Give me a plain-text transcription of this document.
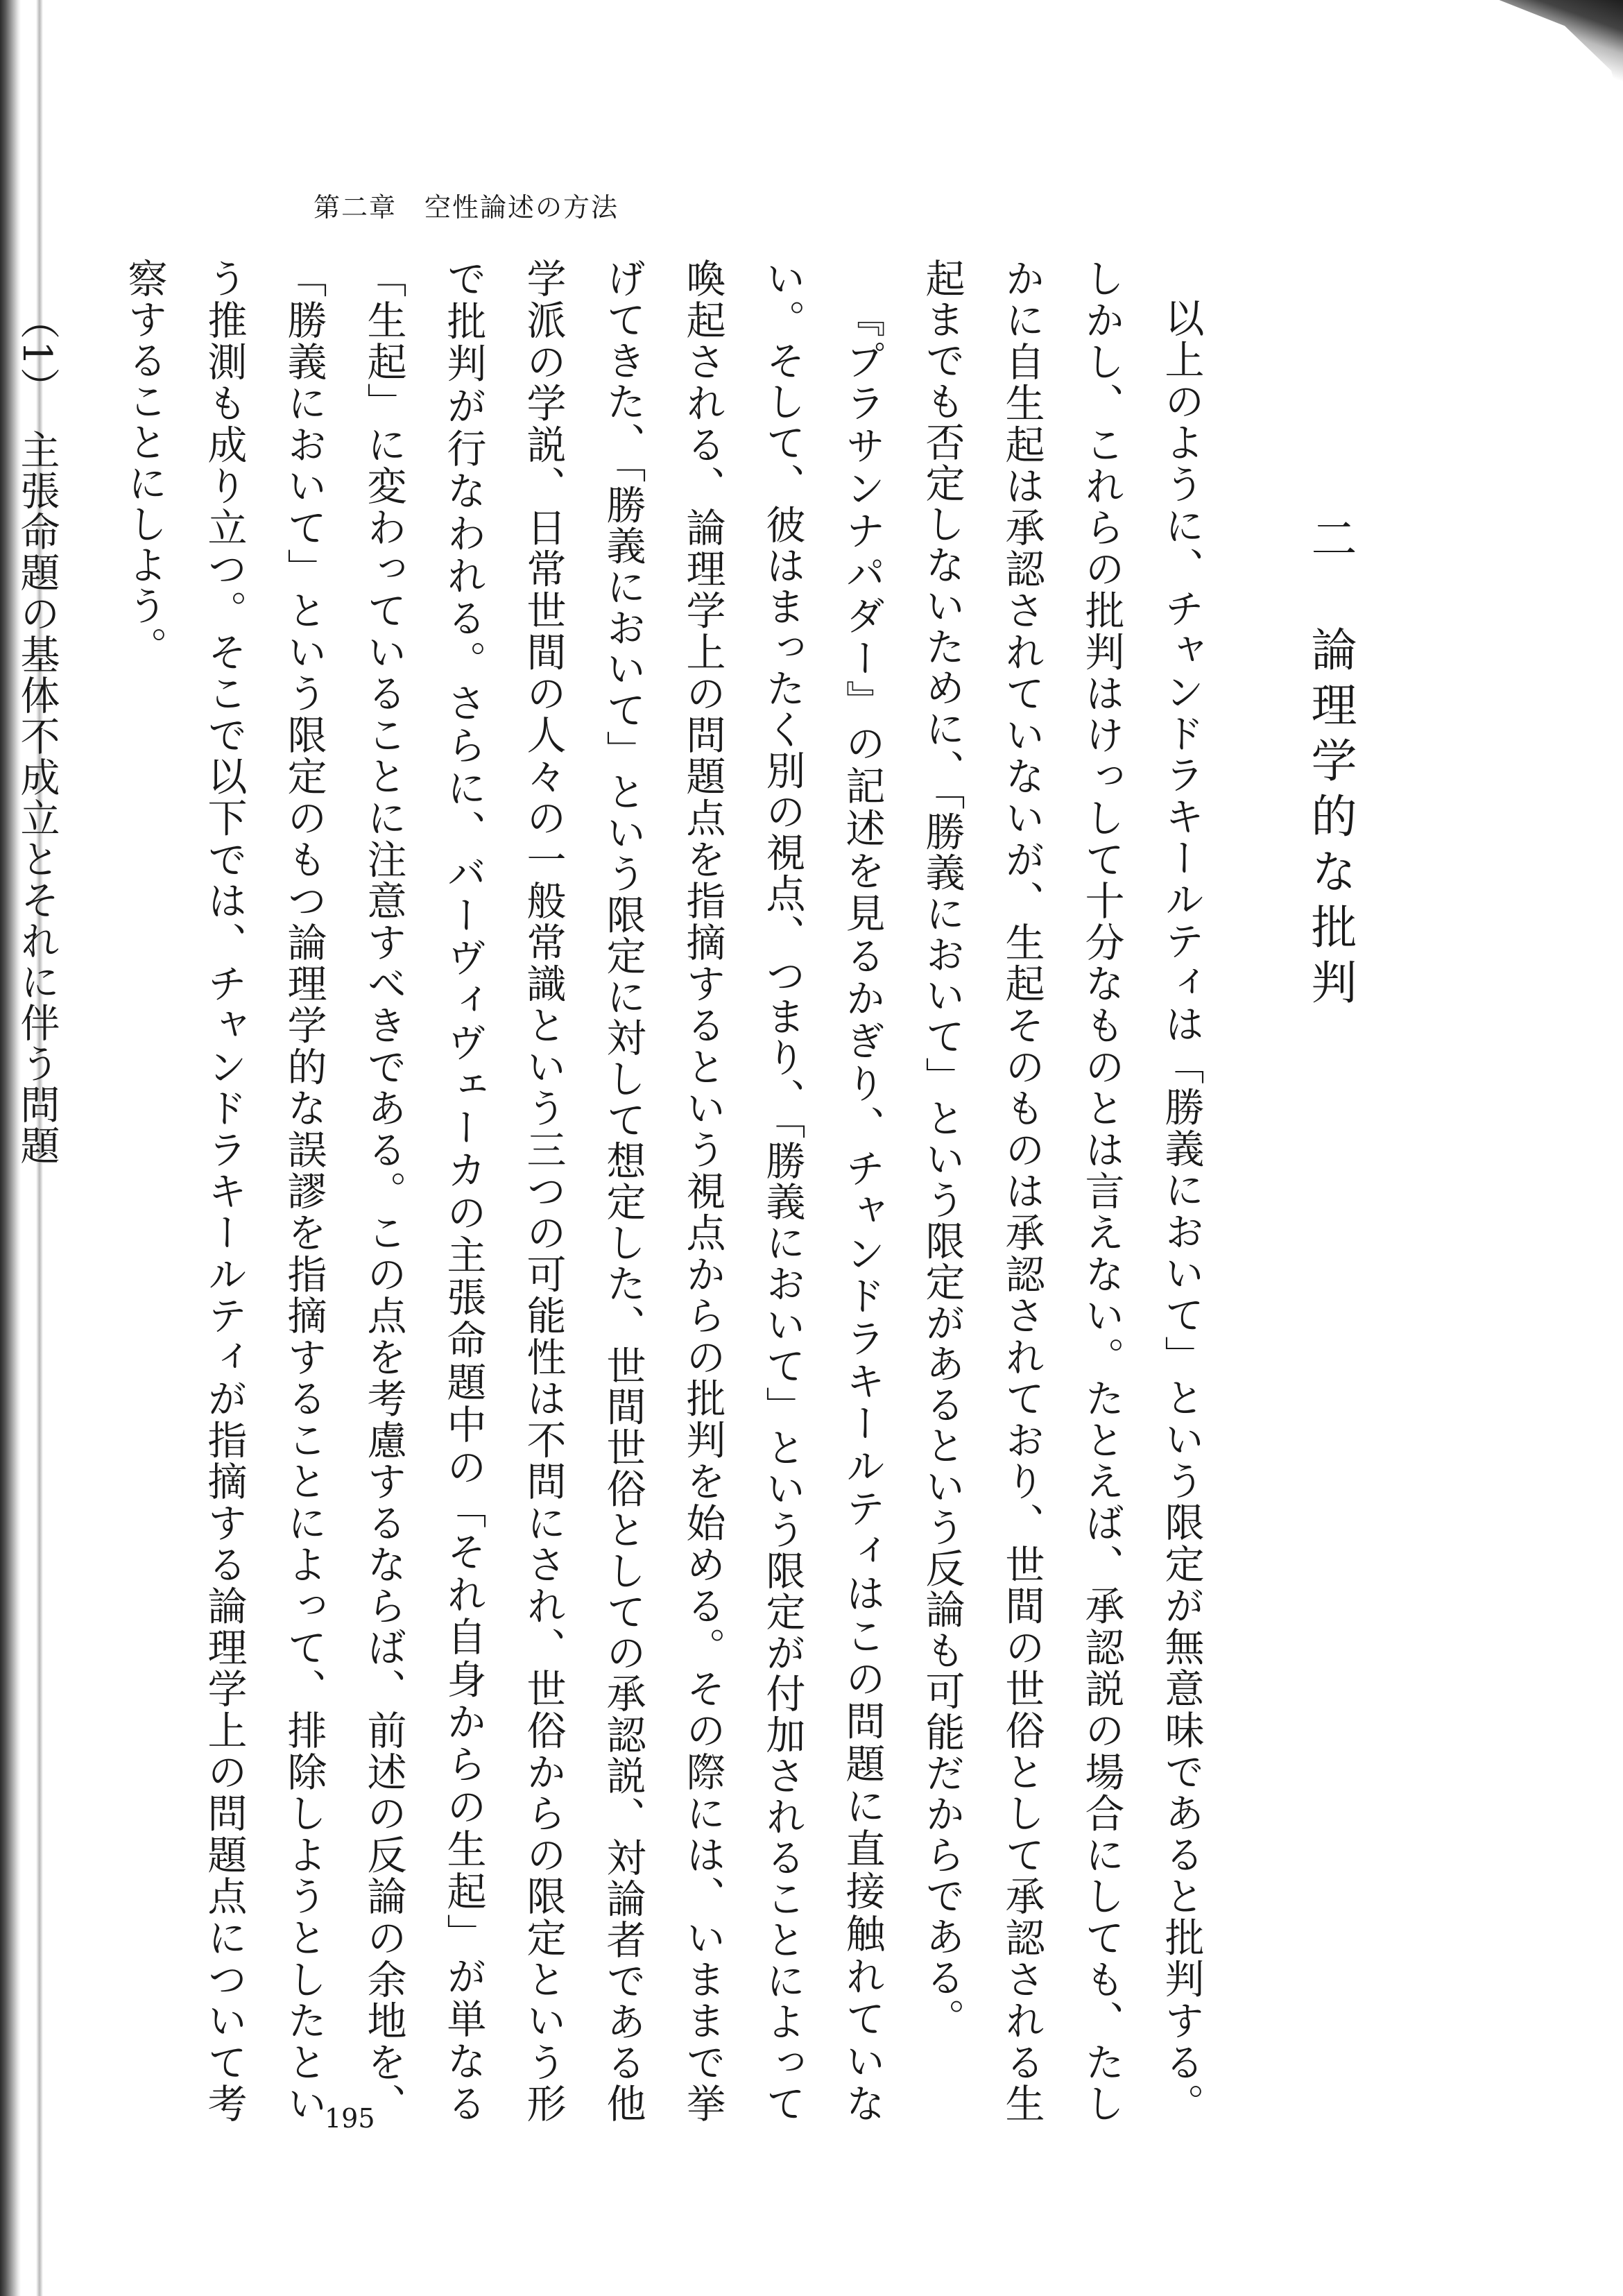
第二章　空性論述の方法
二　論理学的な批判

以上のように、チャンドラキールティは「勝義において」という限定が無意味であると批判する。しかし、これらの批判はけっして十分なものとは言えない。たとえば、承認説の場合にしても、たしかに自生起は承認されていないが、生起そのものは承認されており、世間の世俗として承認される生起までも否定しないために、「勝義において」という限定があるという反論も可能だからである。

『プラサンナパダー』の記述を見るかぎり、チャンドラキールティはこの問題に直接触れていない。そして、彼はまったく別の視点、つまり、「勝義において」という限定が付加されることによって喚起される、論理学上の問題点を指摘するという視点からの批判を始める。その際には、いままで挙げてきた、「勝義において」という限定に対して想定した、世間世俗としての承認説、対論者である他学派の学説、日常世間の人々の一般常識という三つの可能性は不問にされ、世俗からの限定という形で批判が行なわれる。さらに、バーヴィヴェーカの主張命題中の「それ自身からの生起」が単なる「生起」に変わっていることに注意すべきである。この点を考慮するならば、前述の反論の余地を、「勝義において」という限定のもつ論理学的な誤謬を指摘することによって、排除しようとしたという推測も成り立つ。そこで以下では、チャンドラキールティが指摘する論理学上の問題点について考察することにしよう。

（1）　主張命題の基体不成立とそれに伴う問題

195
